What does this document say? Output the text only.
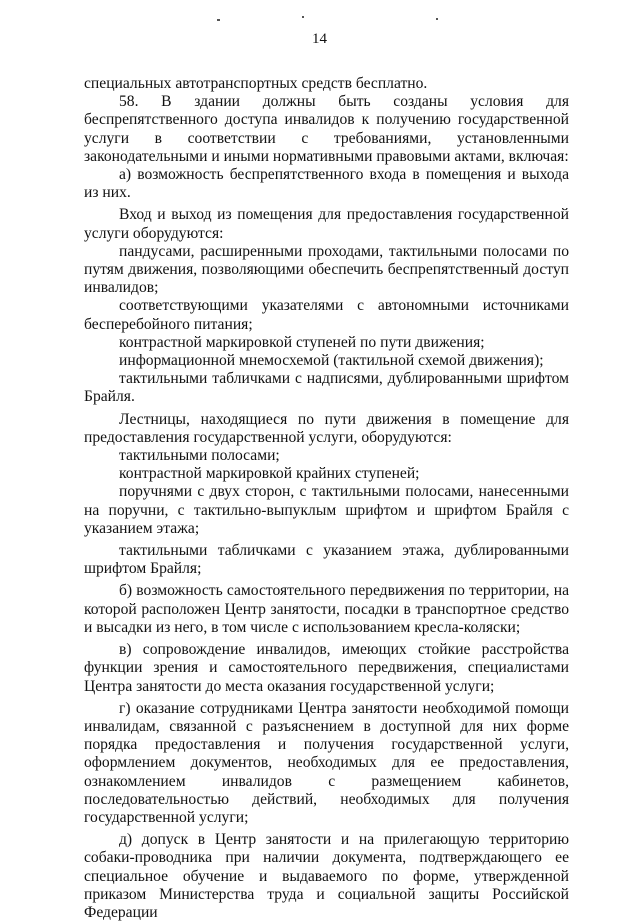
14

специальных автотранспортных средств бесплатно.

58. В здании должны быть созданы условия для беспрепятственного доступа инвалидов к получению государственной услуги в соответствии с требованиями, установленными законодательными и иными нормативными правовыми актами, включая:

а) возможность беспрепятственного входа в помещения и выхода из них.

Вход и выход из помещения для предоставления государственной услуги оборудуются:

пандусами, расширенными проходами, тактильными полосами по путям движения, позволяющими обеспечить беспрепятственный доступ инвалидов;

соответствующими указателями с автономными источниками бесперебойного питания;

контрастной маркировкой ступеней по пути движения;

информационной мнемосхемой (тактильной схемой движения);

тактильными табличками с надписями, дублированными шрифтом Брайля.

Лестницы, находящиеся по пути движения в помещение для предоставления государственной услуги, оборудуются:

тактильными полосами;

контрастной маркировкой крайних ступеней;

поручнями с двух сторон, с тактильными полосами, нанесенными на поручни, с тактильно-выпуклым шрифтом и шрифтом Брайля с указанием этажа;

тактильными табличками с указанием этажа, дублированными шрифтом Брайля;

б) возможность самостоятельного передвижения по территории, на которой расположен Центр занятости, посадки в транспортное средство и высадки из него, в том числе с использованием кресла-коляски;

в) сопровождение инвалидов, имеющих стойкие расстройства функции зрения и самостоятельного передвижения, специалистами Центра занятости до места оказания государственной услуги;

г) оказание сотрудниками Центра занятости необходимой помощи инвалидам, связанной с разъяснением в доступной для них форме порядка предоставления и получения государственной услуги, оформлением документов, необходимых для ее предоставления, ознакомлением инвалидов с размещением кабинетов, последовательностью действий, необходимых для получения государственной услуги;

д) допуск в Центр занятости и на прилегающую территорию собаки-проводника при наличии документа, подтверждающего ее специальное обучение и выдаваемого по форме, утвержденной приказом Министерства труда и социальной защиты Российской Федерации
